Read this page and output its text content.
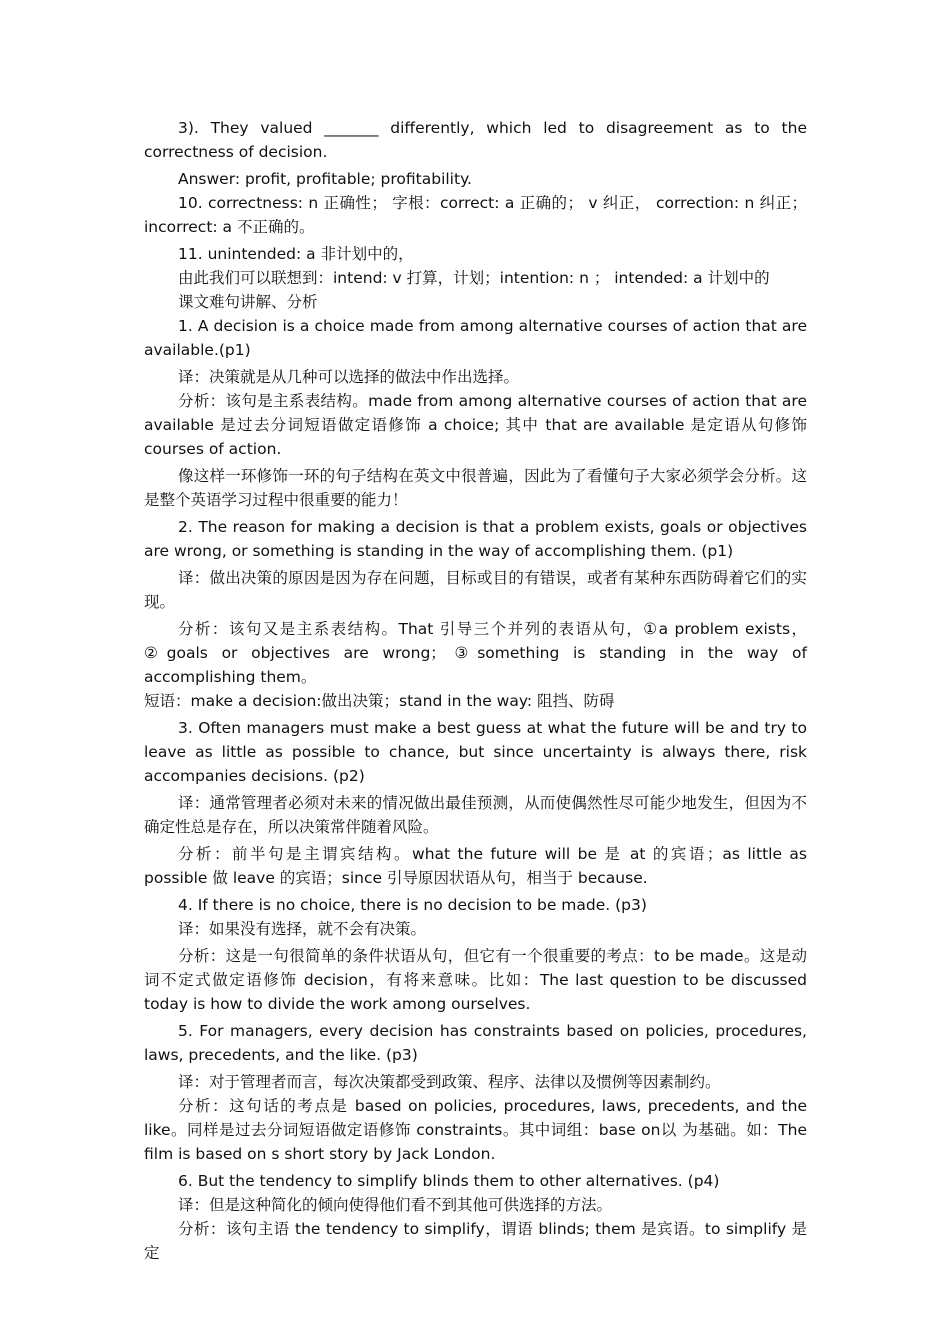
3). They valued _______ differently, which led to disagreement as to the correctness of decision.

Answer: profit, profitable; profitability.

10. correctness: n 正确性； 字根：correct: a 正确的； v 纠正， correction: n 纠正；incorrect: a 不正确的。

11. unintended: a 非计划中的，

由此我们可以联想到：intend: v 打算，计划；intention: n ； intended: a 计划中的

课文难句讲解、分析

1. A decision is a choice made from among alternative courses of action that are available.(p1)

译：决策就是从几种可以选择的做法中作出选择。

分析：该句是主系表结构。made from among alternative courses of action that are available 是过去分词短语做定语修饰 a choice; 其中 that are available 是定语从句修饰 courses of action.

像这样一环修饰一环的句子结构在英文中很普遍，因此为了看懂句子大家必须学会分析。这是整个英语学习过程中很重要的能力！

2. The reason for making a decision is that a problem exists, goals or objectives are wrong, or something is standing in the way of accomplishing them. (p1)

译：做出决策的原因是因为存在问题，目标或目的有错误，或者有某种东西防碍着它们的实现。

分析：该句又是主系表结构。That 引导三个并列的表语从句，①a problem exists，②goals or objectives are wrong；③something is standing in the way of accomplishing them。

短语：make a decision:做出决策；stand in the way: 阻挡、防碍

3. Often managers must make a best guess at what the future will be and try to leave as little as possible to chance, but since uncertainty is always there, risk accompanies decisions. (p2)

译：通常管理者必须对未来的情况做出最佳预测，从而使偶然性尽可能少地发生，但因为不确定性总是存在，所以决策常伴随着风险。

分析：前半句是主谓宾结构。what the future will be 是 at 的宾语；as little as possible 做 leave 的宾语；since 引导原因状语从句，相当于 because.

4. If there is no choice, there is no decision to be made. (p3)

译：如果没有选择，就不会有决策。

分析：这是一句很简单的条件状语从句，但它有一个很重要的考点：to be made。这是动词不定式做定语修饰 decision，有将来意味。比如：The last question to be discussed today is how to divide the work among ourselves.

5. For managers, every decision has constraints based on policies, procedures, laws, precedents, and the like. (p3)

译：对于管理者而言，每次决策都受到政策、程序、法律以及惯例等因素制约。

分析：这句话的考点是 based on policies, procedures, laws, precedents, and the like。同样是过去分词短语做定语修饰 constraints。其中词组：base on以 为基础。如：The film is based on s short story by Jack London.

6. But the tendency to simplify blinds them to other alternatives. (p4)

译：但是这种简化的倾向使得他们看不到其他可供选择的方法。

分析：该句主语 the tendency to simplify，谓语 blinds; them 是宾语。to simplify 是定
